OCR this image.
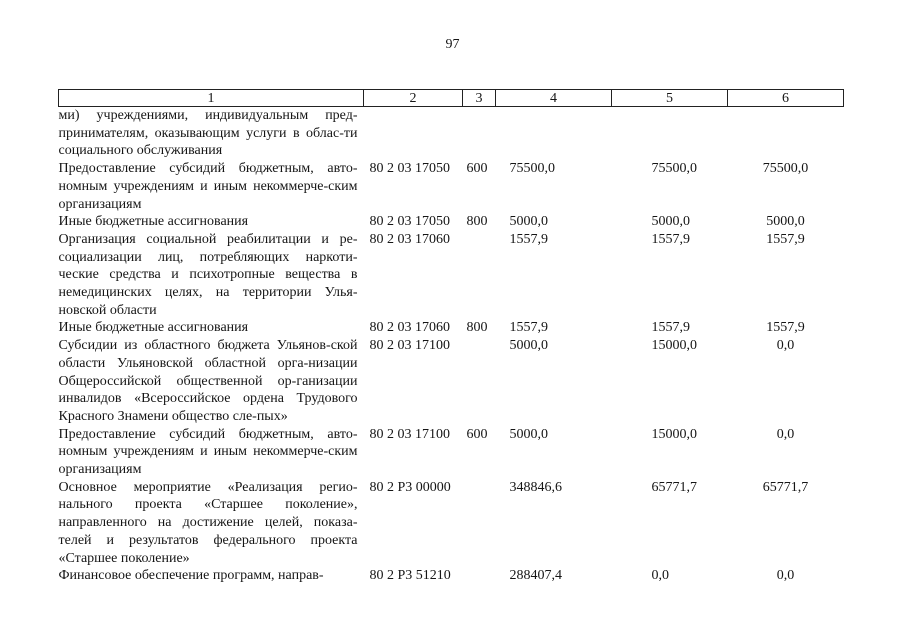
97
1	2	3	4	5	6
ми) учреждениями, индивидуальным пред-принимателям, оказывающим услуги в облас-ти социального обслуживания					
Предоставление субсидий бюджетным, авто-номным учреждениям и иным некоммерче-ским организациям	80 2 03 17050	600	75500,0	75500,0	75500,0
Иные бюджетные ассигнования	80 2 03 17050	800	5000,0	5000,0	5000,0
Организация социальной реабилитации и ре-социализации лиц, потребляющих наркоти-ческие средства и психотропные вещества в немедицинских целях, на территории Улья-новской области	80 2 03 17060		1557,9	1557,9	1557,9
Иные бюджетные ассигнования	80 2 03 17060	800	1557,9	1557,9	1557,9
Субсидии из областного бюджета Ульянов-ской области Ульяновской областной орга-низации Общероссийской общественной ор-ганизации инвалидов «Всероссийское ордена Трудового Красного Знамени общество сле-пых»	80 2 03 17100		5000,0	15000,0	0,0
Предоставление субсидий бюджетным, авто-номным учреждениям и иным некоммерче-ским организациям	80 2 03 17100	600	5000,0	15000,0	0,0
Основное мероприятие «Реализация регио-нального проекта «Старшее поколение», направленного на достижение целей, показа-телей и результатов федерального проекта «Старшее поколение»	80 2 Р3 00000		348846,6	65771,7	65771,7
Финансовое обеспечение программ, направ-	80 2 Р3 51210		288407,4	0,0	0,0
